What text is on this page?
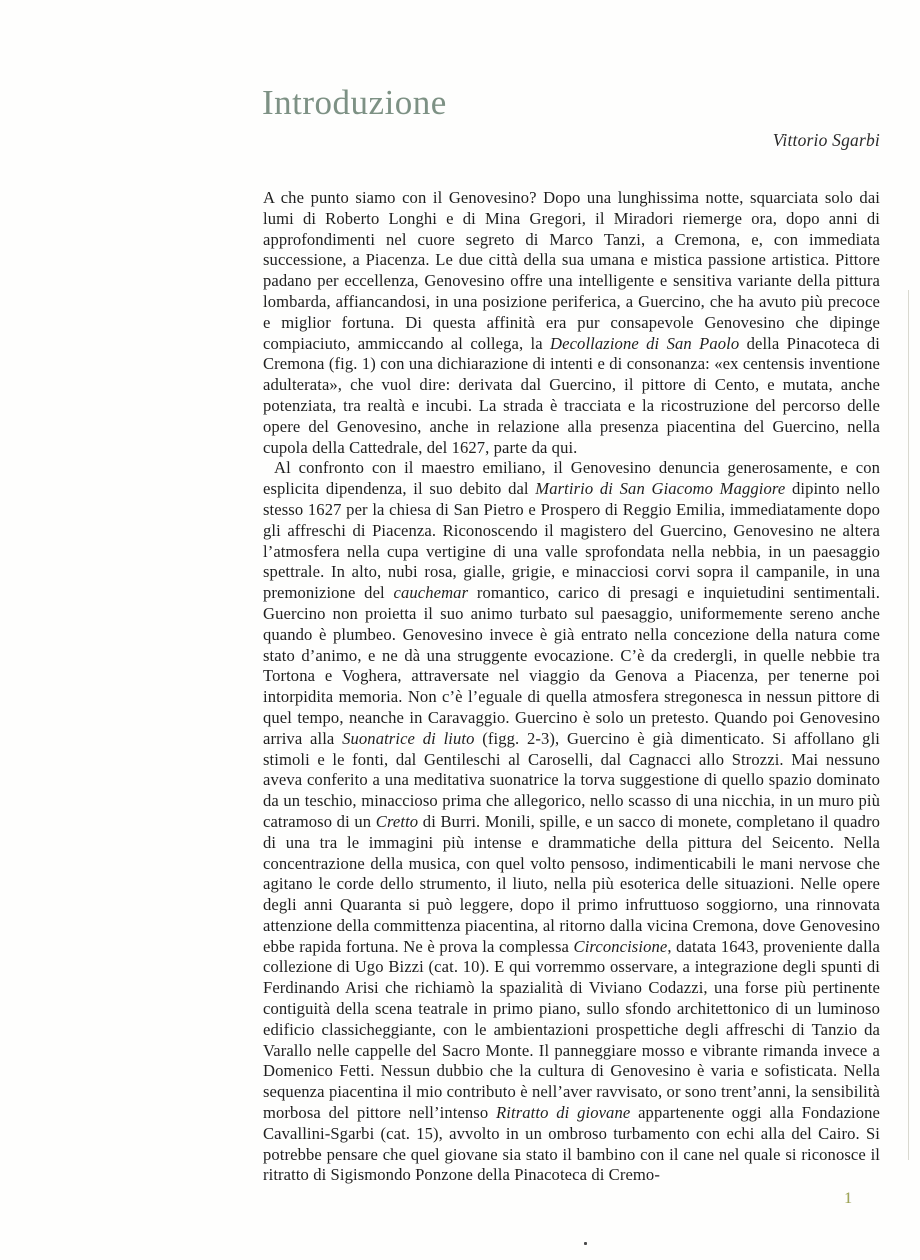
Introduzione
Vittorio Sgarbi

A che punto siamo con il Genovesino? Dopo una lunghissima notte, squarciata solo dai lumi di Roberto Longhi e di Mina Gregori, il Miradori riemerge ora, dopo anni di approfondimenti nel cuore segreto di Marco Tanzi, a Cremona, e, con immediata successione, a Piacenza. Le due città della sua umana e mistica passione artistica. Pittore padano per eccellenza, Genovesino offre una intelligente e sensitiva variante della pittura lombarda, affiancandosi, in una posizione periferica, a Guercino, che ha avuto più precoce e miglior fortuna. Di questa affinità era pur consapevole Genovesino che dipinge compiaciuto, ammiccando al collega, la Decollazione di San Paolo della Pinacoteca di Cremona (fig. 1) con una dichiarazione di intenti e di consonanza: «ex centensis inventione adulterata», che vuol dire: derivata dal Guercino, il pittore di Cento, e mutata, anche potenziata, tra realtà e incubi. La strada è tracciata e la ricostruzione del percorso delle opere del Genovesino, anche in relazione alla presenza piacentina del Guercino, nella cupola della Cattedrale, del 1627, parte da qui.

Al confronto con il maestro emiliano, il Genovesino denuncia generosamente, e con esplicita dipendenza, il suo debito dal Martirio di San Giacomo Maggiore dipinto nello stesso 1627 per la chiesa di San Pietro e Prospero di Reggio Emilia, immediatamente dopo gli affreschi di Piacenza. Riconoscendo il magistero del Guercino, Genovesino ne altera l’atmosfera nella cupa vertigine di una valle sprofondata nella nebbia, in un paesaggio spettrale. In alto, nubi rosa, gialle, grigie, e minacciosi corvi sopra il campanile, in una premonizione del cauchemar romantico, carico di presagi e inquietudini sentimentali. Guercino non proietta il suo animo turbato sul paesaggio, uniformemente sereno anche quando è plumbeo. Genovesino invece è già entrato nella concezione della natura come stato d’animo, e ne dà una struggente evocazione. C’è da credergli, in quelle nebbie tra Tortona e Voghera, attraversate nel viaggio da Genova a Piacenza, per tenerne poi intorpidita memoria. Non c’è l’eguale di quella atmosfera stregonesca in nessun pittore di quel tempo, neanche in Caravaggio. Guercino è solo un pretesto. Quando poi Genovesino arriva alla Suonatrice di liuto (figg. 2-3), Guercino è già dimenticato. Si affollano gli stimoli e le fonti, dal Gentileschi al Caroselli, dal Cagnacci allo Strozzi. Mai nessuno aveva conferito a una meditativa suonatrice la torva suggestione di quello spazio dominato da un teschio, minaccioso prima che allegorico, nello scasso di una nicchia, in un muro più catramoso di un Cretto di Burri. Monili, spille, e un sacco di monete, completano il quadro di una tra le immagini più intense e drammatiche della pittura del Seicento. Nella concentrazione della musica, con quel volto pensoso, indimenticabili le mani nervose che agitano le corde dello strumento, il liuto, nella più esoterica delle situazioni. Nelle opere degli anni Quaranta si può leggere, dopo il primo infruttuoso soggiorno, una rinnovata attenzione della committenza piacentina, al ritorno dalla vicina Cremona, dove Genovesino ebbe rapida fortuna. Ne è prova la complessa Circoncisione, datata 1643, proveniente dalla collezione di Ugo Bizzi (cat. 10). E qui vorremmo osservare, a integrazione degli spunti di Ferdinando Arisi che richiamò la spazialità di Viviano Codazzi, una forse più pertinente contiguità della scena teatrale in primo piano, sullo sfondo architettonico di un luminoso edificio classicheggiante, con le ambientazioni prospettiche degli affreschi di Tanzio da Varallo nelle cappelle del Sacro Monte. Il panneggiare mosso e vibrante rimanda invece a Domenico Fetti. Nessun dubbio che la cultura di Genovesino è varia e sofisticata. Nella sequenza piacentina il mio contributo è nell’aver ravvisato, or sono trent’anni, la sensibilità morbosa del pittore nell’intenso Ritratto di giovane appartenente oggi alla Fondazione Cavallini-Sgarbi (cat. 15), avvolto in un ombroso turbamento con echi alla del Cairo. Si potrebbe pensare che quel giovane sia stato il bambino con il cane nel quale si riconosce il ritratto di Sigismondo Ponzone della Pinacoteca di Cremo-

1
